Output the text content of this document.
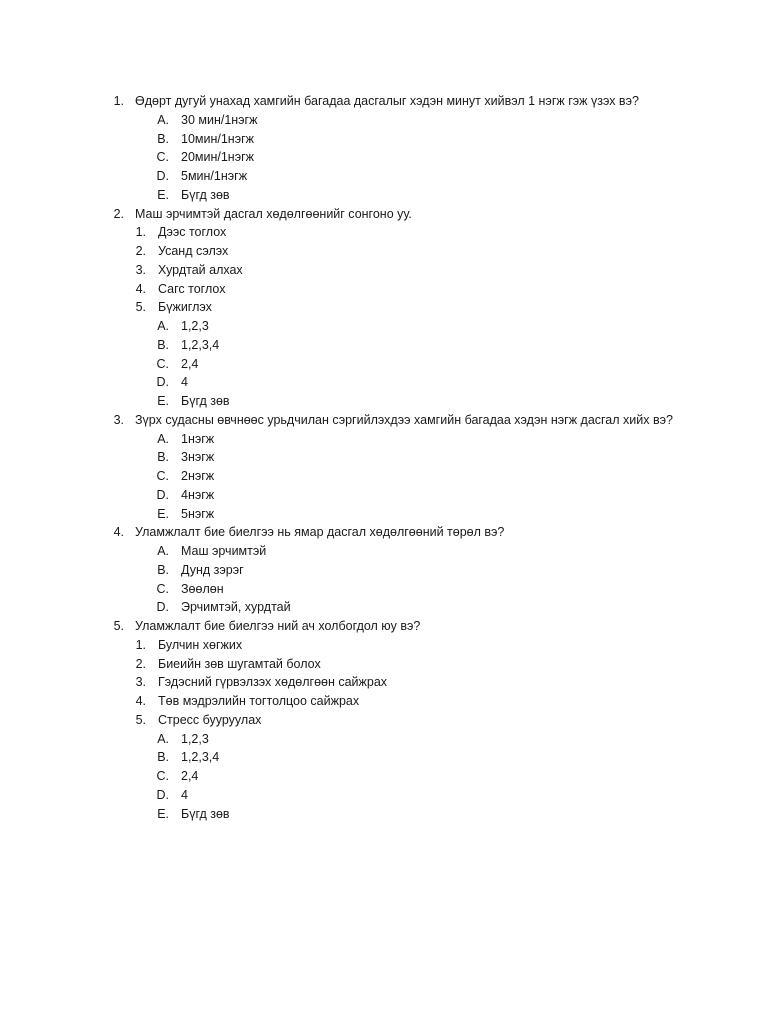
1. Өдөрт дугуй унахад хамгийн багадаа дасгалыг хэдэн минут хийвэл 1 нэгж гэж үзэх вэ?
A. 30 мин/1нэгж
B. 10мин/1нэгж
C. 20мин/1нэгж
D. 5мин/1нэгж
E. Бүгд зөв
2. Маш эрчимтэй дасгал хөдөлгөөнийг сонгоно уу.
1. Дээс тоглох
2. Усанд сэлэх
3. Хурдтай алхах
4. Сагс тоглох
5. Бүжиглэх
A. 1,2,3
B. 1,2,3,4
C. 2,4
D. 4
E. Бүгд зөв
3. Зүрх судасны өвчнөөс урьдчилан сэргийлэхдээ хамгийн багадаа хэдэн нэгж дасгал хийх вэ?
A. 1нэгж
B. 3нэгж
C. 2нэгж
D. 4нэгж
E. 5нэгж
4. Уламжлалт бие биелгээ нь ямар дасгал хөдөлгөөний төрөл вэ?
A. Маш эрчимтэй
B. Дунд зэрэг
C. Зөөлөн
D. Эрчимтэй, хурдтай
5. Уламжлалт бие биелгээ ний ач холбогдол юу вэ?
1. Булчин хөгжих
2. Биеийн зөв шугамтай болох
3. Гэдэсний гүрвэлзэх хөдөлгөөн сайжрах
4. Төв мэдрэлийн тогтолцоо сайжрах
5. Стресс бууруулах
A. 1,2,3
B. 1,2,3,4
C. 2,4
D. 4
E. Бүгд зөв
